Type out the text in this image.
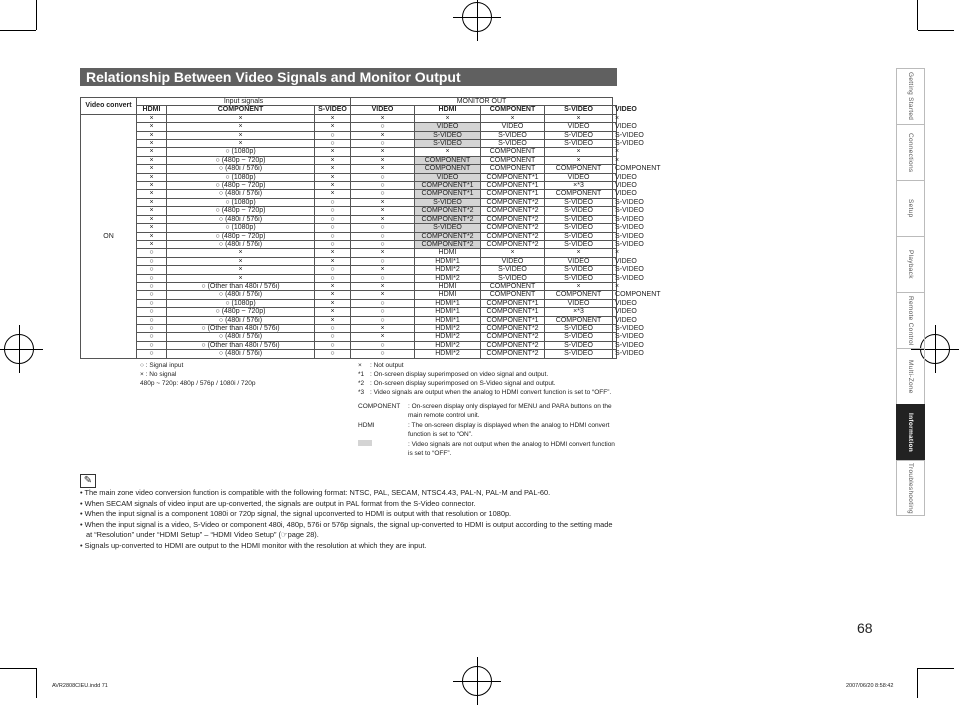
Relationship Between Video Signals and Monitor Output
Video convert	Input signals			MONITOR OUT				
	HDMI	COMPONENT	S-VIDEO	VIDEO	HDMI	COMPONENT	S-VIDEO	VIDEO
ON	×	×	×	×	×	×	×	×
	×	×	×	○	VIDEO	VIDEO	VIDEO	VIDEO
	×	×	○	×	S-VIDEO	S-VIDEO	S-VIDEO	S-VIDEO
	×	×	○	○	S-VIDEO	S-VIDEO	S-VIDEO	S-VIDEO
	×	○ (1080p)	×	×	×	COMPONENT	×	×
	×	○ (480p ~ 720p)	×	×	COMPONENT	COMPONENT	×	×
	×	○ (480i / 576i)	×	×	COMPONENT	COMPONENT	COMPONENT	COMPONENT
	×	○ (1080p)	×	○	VIDEO	COMPONENT*1	VIDEO	VIDEO
	×	○ (480p ~ 720p)	×	○	COMPONENT*1	COMPONENT*1	×*3	VIDEO
	×	○ (480i / 576i)	×	○	COMPONENT*1	COMPONENT*1	COMPONENT	VIDEO
	×	○ (1080p)	○	×	S-VIDEO	COMPONENT*2	S-VIDEO	S-VIDEO
	×	○ (480p ~ 720p)	○	×	COMPONENT*2	COMPONENT*2	S-VIDEO	S-VIDEO
	×	○ (480i / 576i)	○	×	COMPONENT*2	COMPONENT*2	S-VIDEO	S-VIDEO
	×	○ (1080p)	○	○	S-VIDEO	COMPONENT*2	S-VIDEO	S-VIDEO
	×	○ (480p ~ 720p)	○	○	COMPONENT*2	COMPONENT*2	S-VIDEO	S-VIDEO
	×	○ (480i / 576i)	○	○	COMPONENT*2	COMPONENT*2	S-VIDEO	S-VIDEO
	○	×	×	×	HDMI	×	×	×
	○	×	×	○	HDMI*1	VIDEO	VIDEO	VIDEO
	○	×	○	×	HDMI*2	S-VIDEO	S-VIDEO	S-VIDEO
	○	×	○	○	HDMI*2	S-VIDEO	S-VIDEO	S-VIDEO
	○	○ (Other than 480i / 576i)	×	×	HDMI	COMPONENT	×	×
	○	○ (480i / 576i)	×	×	HDMI	COMPONENT	COMPONENT	COMPONENT
	○	○ (1080p)	×	○	HDMI*1	COMPONENT*1	VIDEO	VIDEO
	○	○ (480p ~ 720p)	×	○	HDMI*1	COMPONENT*1	×*3	VIDEO
	○	○ (480i / 576i)	×	○	HDMI*1	COMPONENT*1	COMPONENT	VIDEO
	○	○ (Other than 480i / 576i)	○	×	HDMI*2	COMPONENT*2	S-VIDEO	S-VIDEO
	○	○ (480i / 576i)	○	×	HDMI*2	COMPONENT*2	S-VIDEO	S-VIDEO
	○	○ (Other than 480i / 576i)	○	○	HDMI*2	COMPONENT*2	S-VIDEO	S-VIDEO
	○	○ (480i / 576i)	○	○	HDMI*2	COMPONENT*2	S-VIDEO	S-VIDEO
○ : Signal input
× : No signal
480p ~ 720p: 480p / 576p / 1080i / 720p
×	: Not output
*1 : On-screen display superimposed on video signal and output.
*2 : On-screen display superimposed on S-Video signal and output.
*3 : Video signals are output when the analog to HDMI convert function is set to “OFF”.
COMPONENT	: On-screen display only displayed for MENU and PARA buttons on the main remote control unit.
HDMI	: The on-screen display is displayed when the analog to HDMI convert function is set to “ON”.
: Video signals are not output when the analog to HDMI convert function is set to “OFF”.
✎
• The main zone video conversion function is compatible with the following format: NTSC, PAL, SECAM, NTSC4.43, PAL-N, PAL-M and PAL-60.
• When SECAM signals of video input are up-converted, the signals are output in PAL format from the S-Video connector.
• When the input signal is a component 1080i or 720p signal, the signal upconverted to HDMI is output with that resolution or 1080p.
• When the input signal is a video, S-Video or component 480i, 480p, 576i or 576p signals, the signal up-converted to HDMI is output according to the setting made at “Resolution” under “HDMI Setup” – “HDMI Video Setup” (☞page 28).
• Signals up-converted to HDMI are output to the HDMI monitor with the resolution at which they are input.
Getting Started
Connections
Setup
Playback
Remote Control
Multi-Zone
Information
Troubleshooting
68
AVR2808CIEU.indd 71	2007/06/20 8:58:42
